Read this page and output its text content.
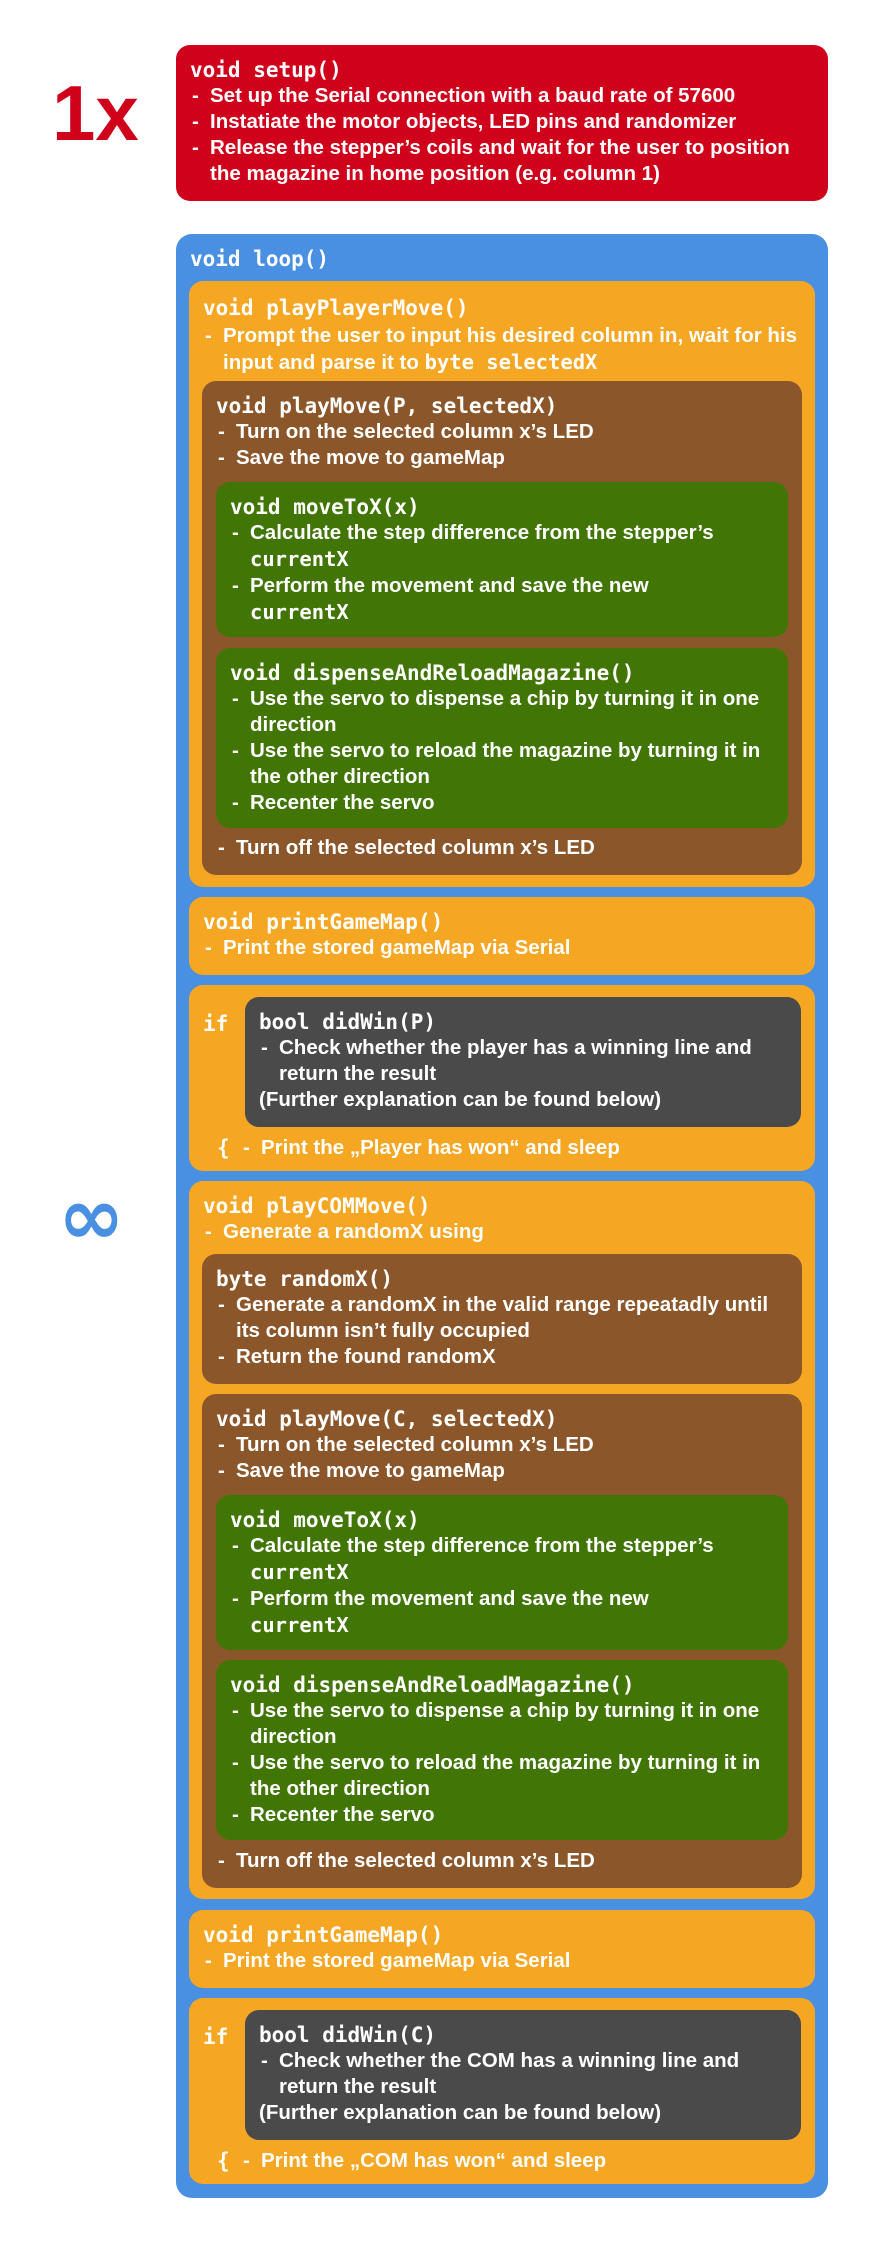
1x
∞
void setup()
- Set up the Serial connection with a baud rate of 57600
- Instatiate the motor objects, LED pins and randomizer
- Release the stepper’s coils and wait for the user to position the magazine in home position (e.g. column 1)
void loop()
void playPlayerMove()
- Prompt the user to input his desired column in, wait for his input and parse it to byte selectedX
void playMove(P, selectedX)
- Turn on the selected column x’s LED
- Save the move to gameMap
- Turn off the selected column x’s LED
void moveToX(x)
- Calculate the step difference from the stepper’s
currentX
- Perform the movement and save the new
currentX
void dispenseAndReloadMagazine()
- Use the servo to dispense a chip by turning it in one direction
- Use the servo to reload the magazine by turning it in the other direction
- Recenter the servo
void printGameMap()
- Print the stored gameMap via Serial
if bool didWin(P)
- Check whether the player has a winning line and return the result
(Further explanation can be found below)
{	- Print the „Player has won“ and sleep
void playCOMMove()
- Generate a randomX using
byte randomX()
- Generate a randomX in the valid range repeatadly until its column isn’t fully occupied
- Return the found randomX
void playMove(C, selectedX)
- Turn on the selected column x’s LED
- Save the move to gameMap
- Turn off the selected column x’s LED
void moveToX(x)
- Calculate the step difference from the stepper’s
currentX
- Perform the movement and save the new
currentX
void dispenseAndReloadMagazine()
- Use the servo to dispense a chip by turning it in one direction
- Use the servo to reload the magazine by turning it in the other direction
- Recenter the servo
void printGameMap()
- Print the stored gameMap via Serial
if bool didWin(C)
- Check whether the COM has a winning line and return the result
(Further explanation can be found below)
{	- Print the „COM has won“ and sleep
